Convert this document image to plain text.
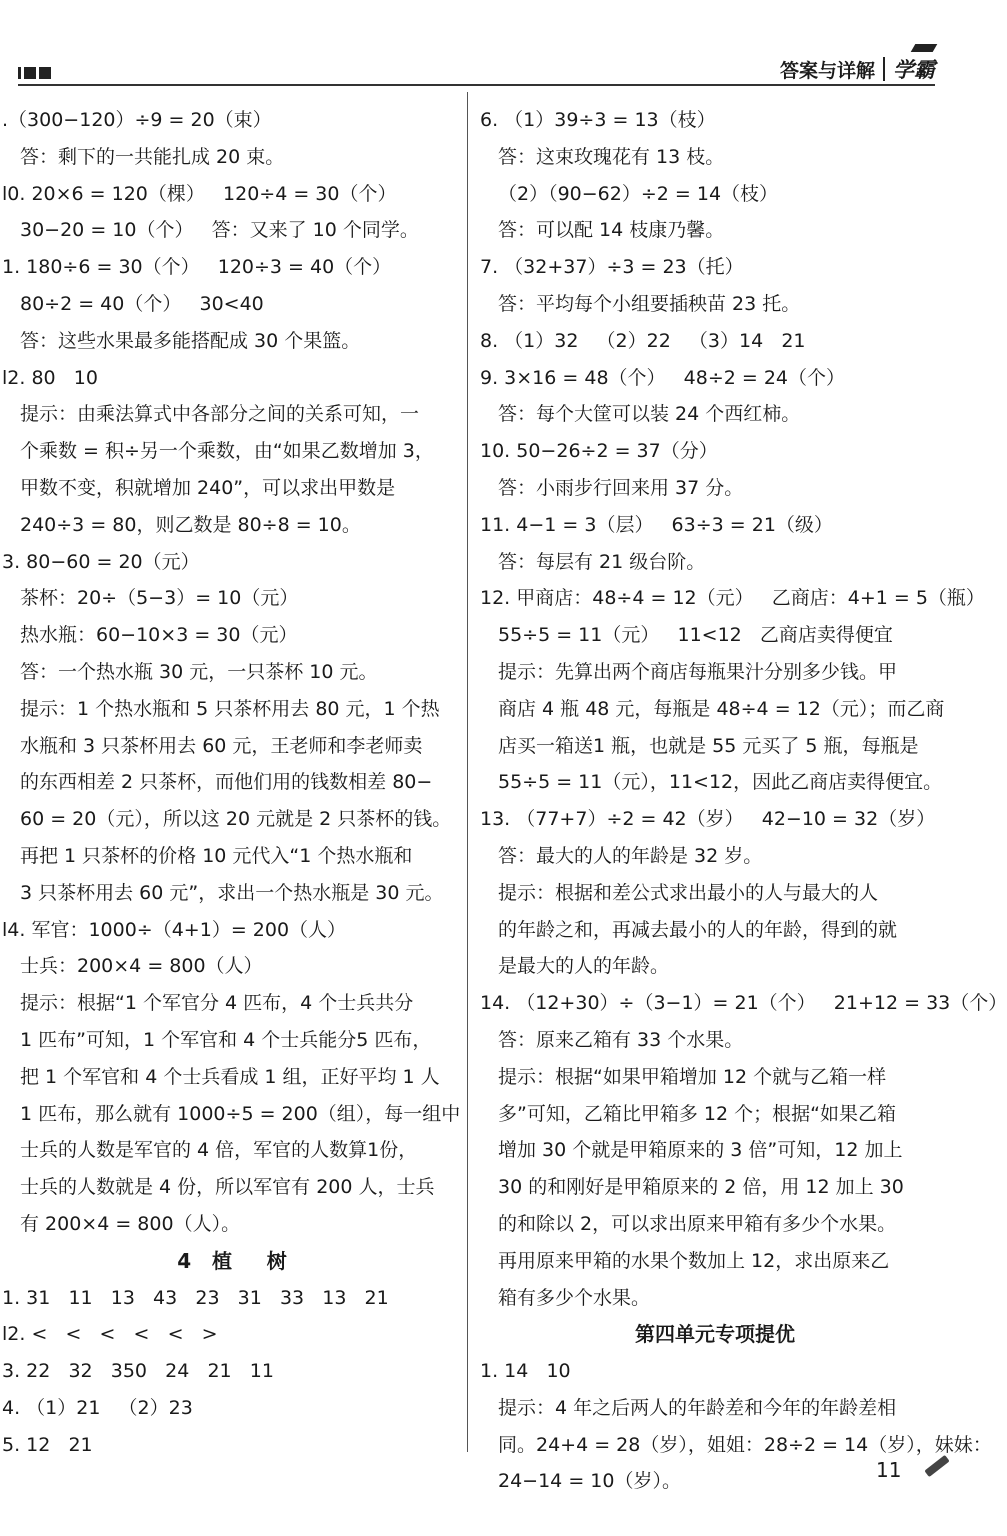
答案与详解 学霸
.（300−120）÷9 = 20（束）
答：剩下的一共能扎成 20 束。
l0. 20×6 = 120（棵）   120÷4 = 30（个）
30−20 = 10（个）   答：又来了 10 个同学。
1. 180÷6 = 30（个）   120÷3 = 40（个）
80÷2 = 40（个）   30<40
答：这些水果最多能搭配成 30 个果篮。
l2. 80   10
提示：由乘法算式中各部分之间的关系可知，一
个乘数 = 积÷另一个乘数，由“如果乙数增加 3，
甲数不变，积就增加 240”，可以求出甲数是
240÷3 = 80，则乙数是 80÷8 = 10。
3. 80−60 = 20（元）
茶杯：20÷（5−3）= 10（元）
热水瓶：60−10×3 = 30（元）
答：一个热水瓶 30 元，一只茶杯 10 元。
提示：1 个热水瓶和 5 只茶杯用去 80 元，1 个热
水瓶和 3 只茶杯用去 60 元，王老师和李老师卖
的东西相差 2 只茶杯，而他们用的钱数相差 80−
60 = 20（元），所以这 20 元就是 2 只茶杯的钱。
再把 1 只茶杯的价格 10 元代入“1 个热水瓶和
3 只茶杯用去 60 元”，求出一个热水瓶是 30 元。
l4. 军官：1000÷（4+1）= 200（人）
士兵：200×4 = 800（人）
提示：根据“1 个军官分 4 匹布，4 个士兵共分
1 匹布”可知，1 个军官和 4 个士兵能分5 匹布，
把 1 个军官和 4 个士兵看成 1 组，正好平均 1 人
1 匹布，那么就有 1000÷5 = 200（组），每一组中
士兵的人数是军官的 4 倍，军官的人数算1份，
士兵的人数就是 4 份，所以军官有 200 人，士兵
有 200×4 = 800（人）。
4   植     树
1. 31   11   13   43   23   31   33   13   21
l2. <   <   <   <   <   >
3. 22   32   350   24   21   11
4. （1）21   （2）23
5. 12   21
6. （1）39÷3 = 13（枝）
答：这束玫瑰花有 13 枝。
（2）（90−62）÷2 = 14（枝）
答：可以配 14 枝康乃馨。
7. （32+37）÷3 = 23（托）
答：平均每个小组要插秧苗 23 托。
8. （1）32   （2）22   （3）14   21
9. 3×16 = 48（个）   48÷2 = 24（个）
答：每个大筐可以装 24 个西红柿。
10. 50−26÷2 = 37（分）
答：小雨步行回来用 37 分。
11. 4−1 = 3（层）   63÷3 = 21（级）
答：每层有 21 级台阶。
12. 甲商店：48÷4 = 12（元）   乙商店：4+1 = 5（瓶）
55÷5 = 11（元）   11<12   乙商店卖得便宜
提示：先算出两个商店每瓶果汁分别多少钱。甲
商店 4 瓶 48 元，每瓶是 48÷4 = 12（元）；而乙商
店买一箱送1 瓶，也就是 55 元买了 5 瓶，每瓶是
55÷5 = 11（元），11<12，因此乙商店卖得便宜。
13. （77+7）÷2 = 42（岁）   42−10 = 32（岁）
答：最大的人的年龄是 32 岁。
提示：根据和差公式求出最小的人与最大的人
的年龄之和，再减去最小的人的年龄，得到的就
是最大的人的年龄。
14. （12+30）÷（3−1）= 21（个）   21+12 = 33（个）
答：原来乙箱有 33 个水果。
提示：根据“如果甲箱增加 12 个就与乙箱一样
多”可知，乙箱比甲箱多 12 个；根据“如果乙箱
增加 30 个就是甲箱原来的 3 倍”可知，12 加上
30 的和刚好是甲箱原来的 2 倍，用 12 加上 30
的和除以 2，可以求出原来甲箱有多少个水果。
再用原来甲箱的水果个数加上 12，求出原来乙
箱有多少个水果。
第四单元专项提优
1. 14   10
提示：4 年之后两人的年龄差和今年的年龄差相
同。24+4 = 28（岁），姐姐：28÷2 = 14（岁），妹妹：
24−14 = 10（岁）。	11
